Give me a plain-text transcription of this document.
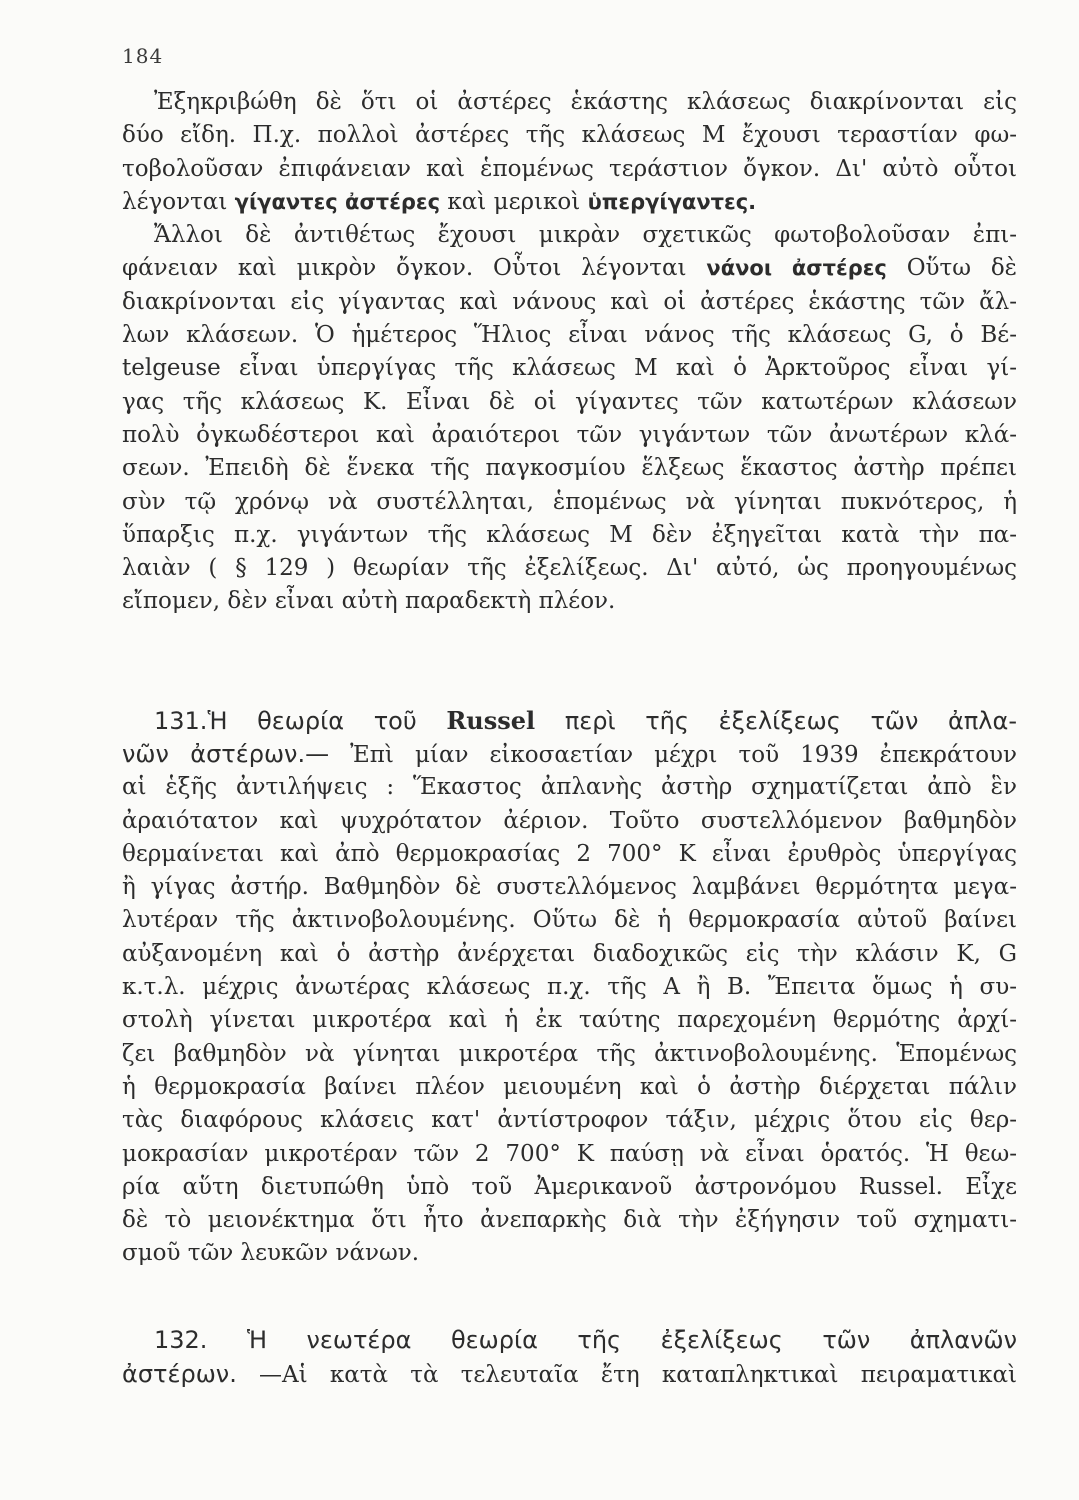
184
Ἐξηκριβώθη δὲ ὅτι οἱ ἀστέρες ἑκάστης κλάσεως διακρίνονται εἰς
δύο εἴδη. Π.χ. πολλοὶ ἀστέρες τῆς κλάσεως M ἔχουσι τεραστίαν φω-
τοβολοῦσαν ἐπιφάνειαν καὶ ἑπομένως τεράστιον ὄγκον. Δι' αὐτὸ οὗτοι
λέγονται γίγαντες ἀστέρες καὶ μερικοὶ ὑπεργίγαντες.
Ἄλλοι δὲ ἀντιθέτως ἔχουσι μικρὰν σχετικῶς φωτοβολοῦσαν ἐπι-
φάνειαν καὶ μικρὸν ὄγκον. Οὗτοι λέγονται νάνοι ἀστέρες Οὕτω δὲ
διακρίνονται εἰς γίγαντας καὶ νάνους καὶ οἱ ἀστέρες ἑκάστης τῶν ἄλ-
λων κλάσεων. Ὁ ἡμέτερος Ἥλιος εἶναι νάνος τῆς κλάσεως G, ὁ Βέ-
telgeuse εἶναι ὑπεργίγας τῆς κλάσεως M καὶ ὁ Ἀρκτοῦρος εἶναι γί-
γας τῆς κλάσεως K. Εἶναι δὲ οἱ γίγαντες τῶν κατωτέρων κλάσεων
πολὺ ὀγκωδέστεροι καὶ ἀραιότεροι τῶν γιγάντων τῶν ἀνωτέρων κλά-
σεων. Ἐπειδὴ δὲ ἕνεκα τῆς παγκοσμίου ἕλξεως ἕκαστος ἀστὴρ πρέπει
σὺν τῷ χρόνῳ νὰ συστέλληται, ἑπομένως νὰ γίνηται πυκνότερος, ἡ
ὕπαρξις π.χ. γιγάντων τῆς κλάσεως M δὲν ἐξηγεῖται κατὰ τὴν πα-
λαιὰν ( § 129 ) θεωρίαν τῆς ἐξελίξεως. Δι' αὐτό, ὡς προηγουμένως
εἴπομεν, δὲν εἶναι αὐτὴ παραδεκτὴ πλέον.
131.Ἡ θεωρία τοῦ Russel περὶ τῆς ἐξελίξεως τῶν ἀπλα-
νῶν ἀστέρων.— Ἐπὶ μίαν εἰκοσαετίαν μέχρι τοῦ 1939 ἐπεκράτουν
αἱ ἑξῆς ἀντιλήψεις : Ἕκαστος ἀπλανὴς ἀστὴρ σχηματίζεται ἀπὸ ἓν
ἀραιότατον καὶ ψυχρότατον ἀέριον. Τοῦτο συστελλόμενον βαθμηδὸν
θερμαίνεται καὶ ἀπὸ θερμοκρασίας 2 700° K εἶναι ἐρυθρὸς ὑπεργίγας
ἢ γίγας ἀστήρ. Βαθμηδὸν δὲ συστελλόμενος λαμβάνει θερμότητα μεγα-
λυτέραν τῆς ἀκτινοβολουμένης. Οὕτω δὲ ἡ θερμοκρασία αὐτοῦ βαίνει
αὐξανομένη καὶ ὁ ἀστὴρ ἀνέρχεται διαδοχικῶς εἰς τὴν κλάσιν K, G
κ.τ.λ. μέχρις ἀνωτέρας κλάσεως π.χ. τῆς A ἢ B. Ἔπειτα ὅμως ἡ συ-
στολὴ γίνεται μικροτέρα καὶ ἡ ἐκ ταύτης παρεχομένη θερμότης ἀρχί-
ζει βαθμηδὸν νὰ γίνηται μικροτέρα τῆς ἀκτινοβολουμένης. Ἑπομένως
ἡ θερμοκρασία βαίνει πλέον μειουμένη καὶ ὁ ἀστὴρ διέρχεται πάλιν
τὰς διαφόρους κλάσεις κατ' ἀντίστροφον τάξιν, μέχρις ὅτου εἰς θερ-
μοκρασίαν μικροτέραν τῶν 2 700° K παύσῃ νὰ εἶναι ὁρατός. Ἡ θεω-
ρία αὕτη διετυπώθη ὑπὸ τοῦ Ἀμερικανοῦ ἀστρονόμου Russel. Εἶχε
δὲ τὸ μειονέκτημα ὅτι ἦτο ἀνεπαρκὴς διὰ τὴν ἐξήγησιν τοῦ σχηματι-
σμοῦ τῶν λευκῶν νάνων.
132. Ἡ νεωτέρα θεωρία τῆς ἐξελίξεως τῶν ἀπλανῶν
ἀστέρων. —Αἱ κατὰ τὰ τελευταῖα ἔτη καταπληκτικαὶ πειραματικαὶ
